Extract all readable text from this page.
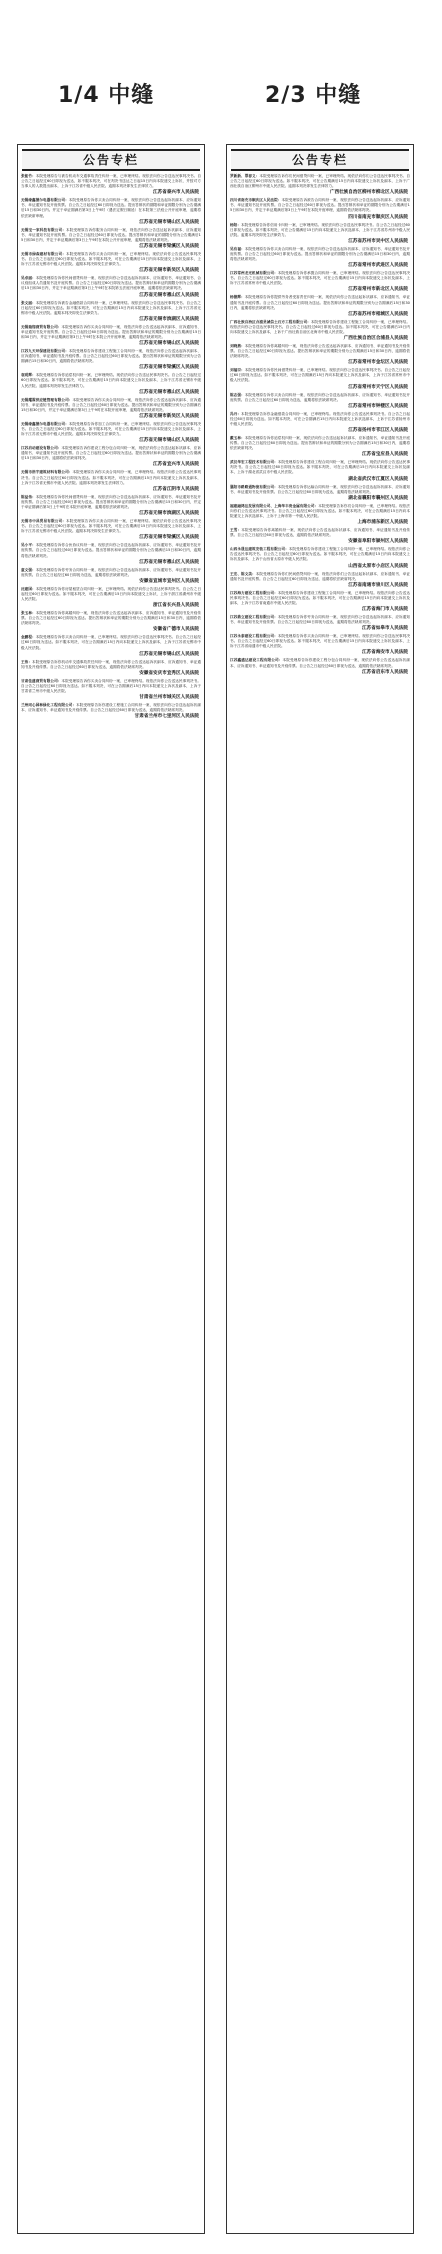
1/4 中缝	2/3 中缝
公告专栏
张能竹：本院受理原告与被告机动车交通事故责任纠纷一案，已审理终结。现依法向你公告送达民事判决书。自公告之日起经过60日即视为送达，如不服本判决，可在判决书送达之日起15日内向本院递交上诉状，并按对方当事人的人数提出副本，上诉于江苏省中级人民法院。逾期本判决即发生法律效力。
江苏省泰兴市人民法院
无锡缘鑫德尔电器有限公司：本院受理原告诉你买卖合同纠纷一案，现依法向你公告送达起诉状副本、应诉通知书、举证通知书及开庭传票。自公告之日起经过60日即视为送达。提出答辩状的期限和举证期限分别为公告期满后15日和30日内。并定于举证期满后第3日上午9时（遇法定假日顺延）在本院第三法庭公开开庭审理，逾期将依法缺席审理。
江苏省无锡市锡山区人民法院
无锡宝一家科技有限公司：本院受理原告诉你服务合同纠纷一案，现依法向你公告送达起诉状副本、应诉通知书、举证通知书及开庭传票。自公告之日起经过60日即视为送达。提出答辩状和举证的期限分别为公告期满后15日和30日内，并定于举证期满后第3日上午9时在本院公开开庭审理，逾期将依法缺席判决。
江苏省无锡市梁溪区人民法院
无锡市绿森建材有限公司：本院受理原告诉你买卖合同纠纷一案，已审理终结。现依法向你公告送达民事判决书。自公告之日起经过60日即视为送达。如不服本判决，可在公告期满后15日内向本院递交上诉状及副本，上诉于江苏省无锡市中级人民法院。逾期本判决即发生法律效力。
江苏省无锡市新吴区人民法院
吴卓丽：本院受理原告诉你民间借贷纠纷一案，现依法向你公告送达起诉状副本、应诉通知书、举证通知书、合议庭组成人员通知书及开庭传票。自公告之日起经过60日即视为送达。提出答辩状和举证的期限分别为公告期满后15日和30日内，并定于举证期满后第3日上午9时在本院第五法庭开庭审理，逾期将依法缺席判决。
江苏省无锡市惠山区人民法院
张文丽：本院受理原告诉被告金融借款合同纠纷一案，已审理终结。现依法向你公告送达民事判决书。自公告之日起经过60日即视为送达。如不服本判决，可在公告期满后15日内向本院递交上诉状及副本，上诉于江苏省无锡市中级人民法院。逾期本判决即发生法律效力。
江苏省无锡市滨湖区人民法院
无锡瑞翔商贸有限公司：本院受理原告诉你买卖合同纠纷一案，现依法向你公告送达起诉状副本、应诉通知书、举证通知书及开庭传票。自公告之日起经过60日即视为送达。提出答辩状和举证的期限分别为公告期满后15日和30日内，并定于举证期满后第3日上午9时在本院公开开庭审理，逾期将依法缺席判决。
江苏省无锡市锡山区人民法院
江苏九天环保建设有限公司：本院受理原告诉你建设工程施工合同纠纷一案，现依法向你公告送达起诉状副本、应诉通知书、举证通知书及开庭传票。自公告之日起经过60日即视为送达。提出答辩状和举证的期限分别为公告期满后15日和30日内，逾期将依法缺席判决。
江苏省无锡市梁溪区人民法院
袁明辉：本院受理原告诉你追偿权纠纷一案，已审理终结。现依法向你公告送达民事判决书。自公告之日起经过60日即视为送达。如不服本判决，可在公告期满后15日内向本院递交上诉状及副本，上诉于江苏省无锡市中级人民法院。逾期本判决即发生法律效力。
江苏省无锡市惠山区人民法院
无锡耀霖供应链管理有限公司：本院受理原告诉你买卖合同纠纷一案，现依法向你公告送达起诉状副本、应诉通知书、举证通知书及开庭传票。自公告之日起经过60日即视为送达。提出答辩状和举证的期限分别为公告期满后15日和30日内，并定于举证期满后第3日上午9时在本院开庭审理，逾期将依法缺席判决。
江苏省无锡市新吴区人民法院
无锡缘鑫德尔电器有限公司：本院受理原告诉你加工合同纠纷一案，已审理终结。现依法向你公告送达民事判决书。自公告之日起经过60日即视为送达。如不服本判决，可在公告期满后15日内向本院递交上诉状及副本，上诉于江苏省无锡市中级人民法院。逾期本判决即发生法律效力。
江苏省无锡市锡山区人民法院
江苏启动建设有限公司：本院受理原告诉你建设工程分包合同纠纷一案，现依法向你公告送达起诉状副本、应诉通知书、举证通知书及开庭传票。自公告之日起经过60日即视为送达。提出答辩状和举证的期限分别为公告期满后15日和30日内，逾期将依法缺席判决。
江苏省宜兴市人民法院
无锡市浩宇建筑材料有限公司：本院受理原告诉你买卖合同纠纷一案，已审理终结。现依法向你公告送达民事判决书。自公告之日起经过60日即视为送达。如不服本判决，可在公告期满后15日内向本院递交上诉状及副本，上诉于江苏省无锡市中级人民法院。逾期本判决即发生法律效力。
江苏省江阴市人民法院
陈益伟：本院受理原告诉你民间借贷纠纷一案，现依法向你公告送达起诉状副本、应诉通知书、举证通知书及开庭传票。自公告之日起经过60日即视为送达。提出答辩状和举证的期限分别为公告期满后15日和30日内，并定于举证期满后第3日上午9时在本院开庭审理，逾期将依法缺席判决。
江苏省无锡市滨湖区人民法院
无锡市中昌贸易有限公司：本院受理原告诉你买卖合同纠纷一案，已审理终结。现依法向你公告送达民事判决书。自公告之日起经过60日即视为送达。如不服本判决，可在公告期满后15日内向本院递交上诉状及副本，上诉于江苏省无锡市中级人民法院。逾期本判决即发生法律效力。
江苏省无锡市梁溪区人民法院
吴小平：本院受理原告诉你合伙协议纠纷一案，现依法向你公告送达起诉状副本、应诉通知书、举证通知书及开庭传票。自公告之日起经过60日即视为送达。提出答辩状和举证的期限分别为公告期满后15日和30日内，逾期将依法缺席判决。
江苏省无锡市惠山区人民法院
童文强：本院受理原告诉你劳务合同纠纷一案，现依法向你公告送达起诉状副本、应诉通知书、举证通知书及开庭传票。自公告之日起经过60日即视为送达，逾期将依法缺席判决。
安徽省宣城市宣州区人民法院
沈建国：本院受理原告诉你房屋租赁合同纠纷一案，已审理终结。现依法向你公告送达民事判决书。自公告之日起经过60日即视为送达。如不服本判决，可在公告期满后15日内向本院递交上诉状，上诉于浙江省湖州市中级人民法院。
浙江省长兴县人民法院
张玉林：本院受理原告诉你离婚纠纷一案，现依法向你公告送达起诉状副本、应诉通知书、举证通知书及开庭传票。自公告之日起经过60日即视为送达。提出答辩状和举证的期限分别为公告期满后15日和30日内，逾期将依法缺席判决。
安徽省广德市人民法院
金鹏程：本院受理原告诉你买卖合同纠纷一案，已审理终结。现依法向你公告送达民事判决书。自公告之日起经过60日即视为送达。如不服本判决，可在公告期满后15日内向本院递交上诉状及副本，上诉于江苏省无锡市中级人民法院。
江苏省无锡市锡山区人民法院
王伟：本院受理原告诉你机动车交通事故责任纠纷一案，现依法向你公告送达起诉状副本、应诉通知书、举证通知书及开庭传票。自公告之日起经过60日即视为送达，逾期将依法缺席判决。
安徽省安庆市宜秀区人民法院
甘肃佳盛商贸有限公司：本院受理原告诉你买卖合同纠纷一案，已审理终结。现依法向你公告送达民事判决书。自公告之日起经过60日即视为送达。如不服本判决，可在公告期满后15日内向本院递交上诉状及副本，上诉于甘肃省兰州市中级人民法院。
甘肃省兰州市城关区人民法院
兰州同心园林绿化工程有限公司：本院受理原告诉你建设工程施工合同纠纷一案，现依法向你公告送达起诉状副本、应诉通知书、举证通知书及开庭传票。自公告之日起经过60日即视为送达，逾期将依法缺席判决。
甘肃省兰州市七里河区人民法院
公告专栏
罗新新、覃春义：本院受理原告诉你们民间借贷纠纷一案，已审理终结。现依法向你们公告送达民事判决书。自公告之日起经过60日即视为送达。如不服本判决，可在公告期满后15日内向本院递交上诉状及副本，上诉于广西壮族自治区柳州市中级人民法院。逾期本判决即发生法律效力。
广西壮族自治区柳州市柳北区人民法院
四川省南充市顺庆区人民法院：本院受理原告诉被告合同纠纷一案，现依法向你公告送达起诉状副本、应诉通知书、举证通知书及开庭传票。自公告之日起经过60日即视为送达。提出答辩状和举证的期限分别为公告期满后15日和30日内，并定于举证期满后第3日上午9时在本院开庭审理，逾期将依法缺席判决。
四川省南充市顺庆区人民法院
杨阳：本院受理原告诉你信用卡纠纷一案，已审理终结。现依法向你公告送达民事判决书。自公告之日起经过60日即视为送达。如不服本判决，可在公告期满后15日内向本院递交上诉状及副本，上诉于江苏省苏州市中级人民法院。逾期本判决即发生法律效力。
江苏省苏州市吴中区人民法院
吴有福：本院受理原告诉你买卖合同纠纷一案，现依法向你公告送达起诉状副本、应诉通知书、举证通知书及开庭传票。自公告之日起经过60日即视为送达。提出答辩状和举证的期限分别为公告期满后15日和30日内，逾期将依法缺席判决。
江苏省常州市武进区人民法院
江苏常州龙光机械有限公司：本院受理原告诉你承揽合同纠纷一案，已审理终结。现依法向你公告送达民事判决书。自公告之日起经过60日即视为送达。如不服本判决，可在公告期满后15日内向本院递交上诉状及副本，上诉于江苏省常州市中级人民法院。
江苏省常州市新北区人民法院
杨德辉：本院受理原告诉你提供劳务者受害责任纠纷一案，现依法向你公告送达起诉状副本、应诉通知书、举证通知书及开庭传票。自公告之日起经过60日即视为送达。提出答辩状和举证的期限分别为公告期满后15日和30日内，逾期将依法缺席判决。
江苏省苏州市相城区人民法院
广西壮族自治区合浦县诚信土石方工程有限公司：本院受理原告诉你建设工程施工合同纠纷一案，已审理终结。现依法向你公告送达民事判决书。自公告之日起经过60日即视为送达。如不服本判决，可在公告期满后15日内向本院递交上诉状及副本，上诉于广西壮族自治区北海市中级人民法院。
广西壮族自治区合浦县人民法院
刘晓燕：本院受理原告诉你离婚纠纷一案，现依法向你公告送达起诉状副本、应诉通知书、举证通知书及开庭传票。自公告之日起经过60日即视为送达。提出答辩状和举证的期限分别为公告期满后15日和30日内，逾期将依法缺席判决。
江苏省常州市金坛区人民法院
刘福臣：本院受理原告诉你民间借贷纠纷一案，已审理终结。现依法向你公告送达民事判决书。自公告之日起经过60日即视为送达。如不服本判决，可在公告期满后15日内向本院递交上诉状及副本，上诉于江苏省常州市中级人民法院。
江苏省常州市天宁区人民法院
陈志强：本院受理原告诉你买卖合同纠纷一案，现依法向你公告送达起诉状副本、应诉通知书、举证通知书及开庭传票。自公告之日起经过60日即视为送达，逾期将依法缺席判决。
江苏省常州市钟楼区人民法院
冯丹：本院受理原告诉你金融借款合同纠纷一案，已审理终结。现依法向你公告送达民事判决书。自公告之日起经过60日即视为送达。如不服本判决，可在公告期满后15日内向本院递交上诉状及副本，上诉于江苏省扬州市中级人民法院。
江苏省扬州市邗江区人民法院
戴玉林：本院受理原告诉你追偿权纠纷一案，现依法向你公告送达起诉状副本、应诉通知书、举证通知书及开庭传票。自公告之日起经过60日即视为送达。提出答辩状和举证的期限分别为公告期满后15日和30日内，逾期将依法缺席判决。
江苏省宝应县人民法院
武汉华宏工程技术有限公司：本院受理原告诉你建设工程合同纠纷一案，已审理终结。现依法向你公告送达民事判决书。自公告之日起经过60日即视为送达。如不服本判决，可在公告期满后15日内向本院递交上诉状及副本，上诉于湖北省武汉市中级人民法院。
湖北省武汉市江夏区人民法院
襄阳市路路通物流有限公司：本院受理原告诉你运输合同纠纷一案，现依法向你公告送达起诉状副本、应诉通知书、举证通知书及开庭传票。自公告之日起经过60日即视为送达，逾期将依法缺席判决。
湖北省襄阳市襄州区人民法院
福建融鸿达发展有限公司、上海华丰贵金属有限公司：本院受理原告诉你们合同纠纷一案，已审理终结。现依法向你们公告送达民事判决书。自公告之日起经过60日即视为送达。如不服本判决，可在公告期满后15日内向本院递交上诉状及副本，上诉于上海市第一中级人民法院。
上海市浦东新区人民法院
王雪：本院受理原告诉你离婚纠纷一案，现依法向你公告送达起诉状副本、应诉通知书、举证通知书及开庭传票。自公告之日起经过60日即视为送达，逾期将依法缺席判决。
安徽省阜阳市颍州区人民法院
山西永晟达建筑安装工程有限公司：本院受理原告诉你建设工程施工合同纠纷一案，已审理终结。现依法向你公告送达民事判决书。自公告之日起经过60日即视为送达。如不服本判决，可在公告期满后15日内向本院递交上诉状及副本，上诉于山西省太原市中级人民法院。
山西省太原市小店区人民法院
王宏、陈文美：本院受理原告诉你们民间借贷纠纷一案，现依法向你们公告送达起诉状副本、应诉通知书、举证通知书及开庭传票。自公告之日起经过60日即视为送达，逾期将依法缺席判决。
江苏省南通市崇川区人民法院
江苏海力建设工程有限公司：本院受理原告诉你建设工程施工合同纠纷一案，已审理终结。现依法向你公告送达民事判决书。自公告之日起经过60日即视为送达。如不服本判决，可在公告期满后15日内向本院递交上诉状及副本，上诉于江苏省南通市中级人民法院。
江苏省海门市人民法院
江苏鼎立建设工程有限公司：本院受理原告诉你劳务合同纠纷一案，现依法向你公告送达起诉状副本、应诉通知书、举证通知书及开庭传票。自公告之日起经过60日即视为送达，逾期将依法缺席判决。
江苏省如皋市人民法院
江苏永泰建设工程有限公司：本院受理原告诉你买卖合同纠纷一案，已审理终结。现依法向你公告送达民事判决书。自公告之日起经过60日即视为送达。如不服本判决，可在公告期满后15日内向本院递交上诉状及副本，上诉于江苏省南通市中级人民法院。
江苏省海安市人民法院
江苏鑫盛达建设工程有限公司：本院受理原告诉你建设工程分包合同纠纷一案，现依法向你公告送达起诉状副本、应诉通知书、举证通知书及开庭传票。自公告之日起经过60日即视为送达，逾期将依法缺席判决。
江苏省启东市人民法院
